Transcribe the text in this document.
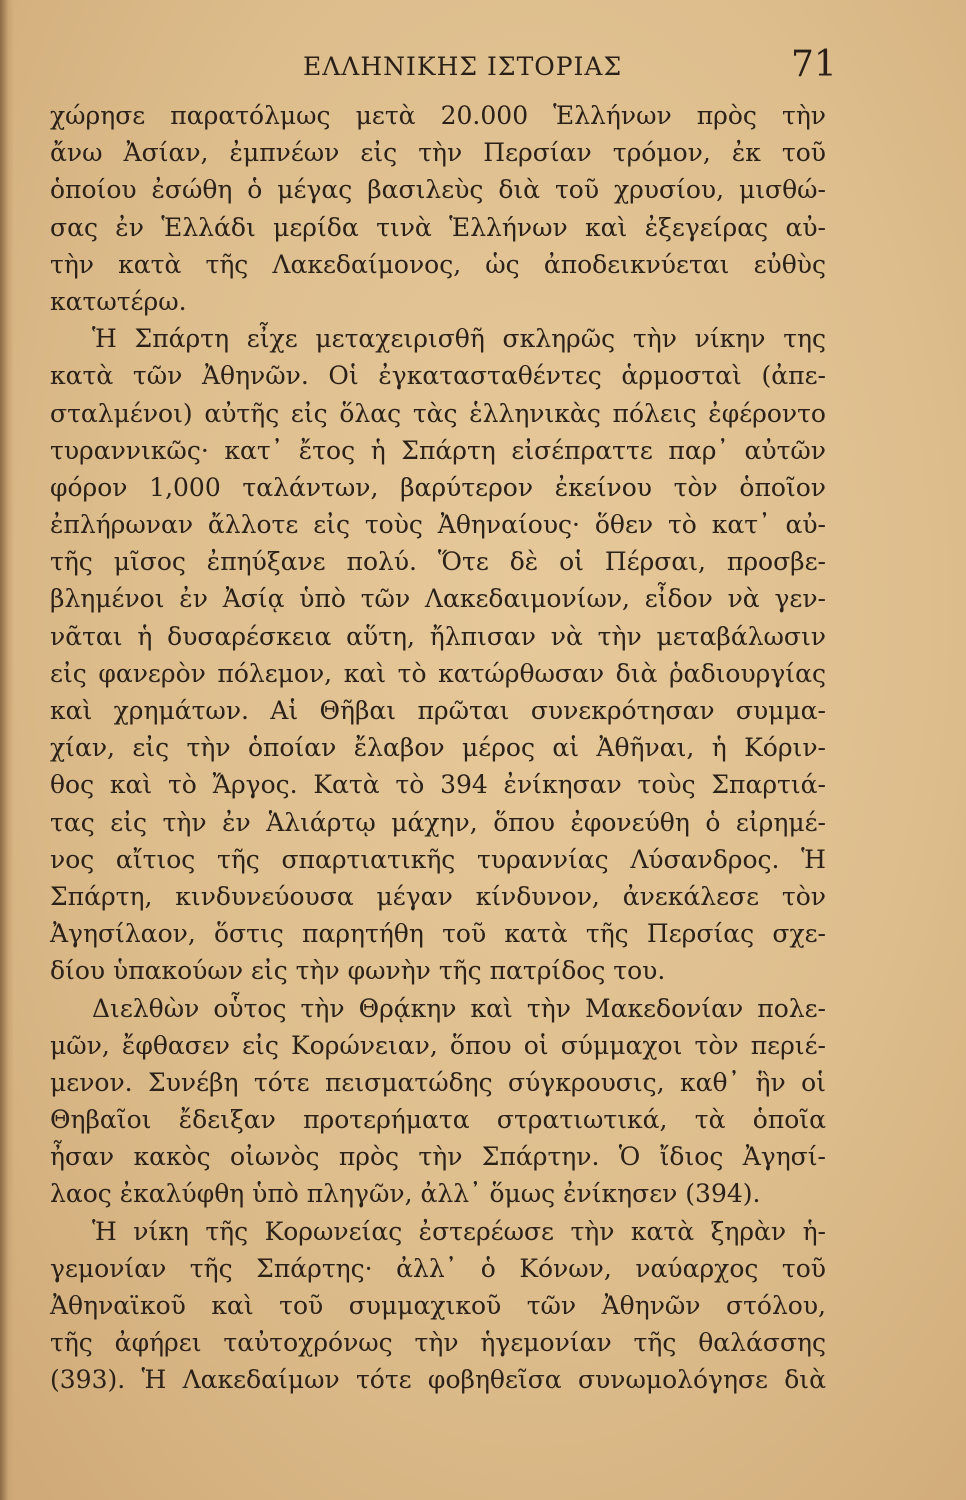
ΕΛΛΗΝΙΚΗΣ ΙΣΤΟΡΙΑΣ	71
χώρησε παρατόλμως μετὰ 20.000 Ἑλλήνων πρὸς τὴν
ἄνω Ἀσίαν, ἐμπνέων εἰς τὴν Περσίαν τρόμον, ἐκ τοῦ
ὁποίου ἐσώθη ὁ μέγας βασιλεὺς διὰ τοῦ χρυσίου, μισθώ-
σας ἐν Ἑλλάδι μερίδα τινὰ Ἑλλήνων καὶ ἐξεγείρας αὐ-
τὴν κατὰ τῆς Λακεδαίμονος, ὡς ἀποδεικνύεται εὐθὺς
κατωτέρω.
Ἡ Σπάρτη εἶχε μεταχειρισθῆ σκληρῶς τὴν νίκην της
κατὰ τῶν Ἀθηνῶν. Οἱ ἐγκατασταθέντες ἁρμοσταὶ (ἀπε-
σταλμένοι) αὐτῆς εἰς ὅλας τὰς ἑλληνικὰς πόλεις ἐφέροντο
τυραννικῶς· κατ᾽ ἔτος ἡ Σπάρτη εἰσέπραττε παρ᾽ αὐτῶν
φόρον 1,000 ταλάντων, βαρύτερον ἐκείνου τὸν ὁποῖον
ἐπλήρωναν ἄλλοτε εἰς τοὺς Ἀθηναίους· ὅθεν τὸ κατ᾽ αὐ-
τῆς μῖσος ἐπηύξανε πολύ. Ὅτε δὲ οἱ Πέρσαι, προσβε-
βλημένοι ἐν Ἀσίᾳ ὑπὸ τῶν Λακεδαιμονίων, εἶδον νὰ γεν-
νᾶται ἡ δυσαρέσκεια αὕτη, ἤλπισαν νὰ τὴν μεταβάλωσιν
εἰς φανερὸν πόλεμον, καὶ τὸ κατώρθωσαν διὰ ῥαδιουργίας
καὶ χρημάτων. Αἱ Θῆβαι πρῶται συνεκρότησαν συμμα-
χίαν, εἰς τὴν ὁποίαν ἔλαβον μέρος αἱ Ἀθῆναι, ἡ Κόριν-
θος καὶ τὸ Ἄργος. Κατὰ τὸ 394 ἐνίκησαν τοὺς Σπαρτιά-
τας εἰς τὴν ἐν Ἁλιάρτῳ μάχην, ὅπου ἐφονεύθη ὁ εἰρημέ-
νος αἴτιος τῆς σπαρτιατικῆς τυραννίας Λύσανδρος. Ἡ
Σπάρτη, κινδυνεύουσα μέγαν κίνδυνον, ἀνεκάλεσε τὸν
Ἀγησίλαον, ὅστις παρητήθη τοῦ κατὰ τῆς Περσίας σχε-
δίου ὑπακούων εἰς τὴν φωνὴν τῆς πατρίδος του.
Διελθὼν οὗτος τὴν Θρᾴκην καὶ τὴν Μακεδονίαν πολε-
μῶν, ἔφθασεν εἰς Κορώνειαν, ὅπου οἱ σύμμαχοι τὸν περιέ-
μενον. Συνέβη τότε πεισματώδης σύγκρουσις, καθ᾽ ἣν οἱ
Θηβαῖοι ἔδειξαν προτερήματα στρατιωτικά, τὰ ὁποῖα
ἦσαν κακὸς οἰωνὸς πρὸς τὴν Σπάρτην. Ὁ ἴδιος Ἀγησί-
λαος ἐκαλύφθη ὑπὸ πληγῶν, ἀλλ᾽ ὅμως ἐνίκησεν (394).
Ἡ νίκη τῆς Κορωνείας ἐστερέωσε τὴν κατὰ ξηρὰν ἡ-
γεμονίαν τῆς Σπάρτης· ἀλλ᾽ ὁ Κόνων, ναύαρχος τοῦ
Ἀθηναϊκοῦ καὶ τοῦ συμμαχικοῦ τῶν Ἀθηνῶν στόλου,
τῆς ἀφήρει ταὐτοχρόνως τὴν ἡγεμονίαν τῆς θαλάσσης
(393). Ἡ Λακεδαίμων τότε φοβηθεῖσα συνωμολόγησε διὰ
